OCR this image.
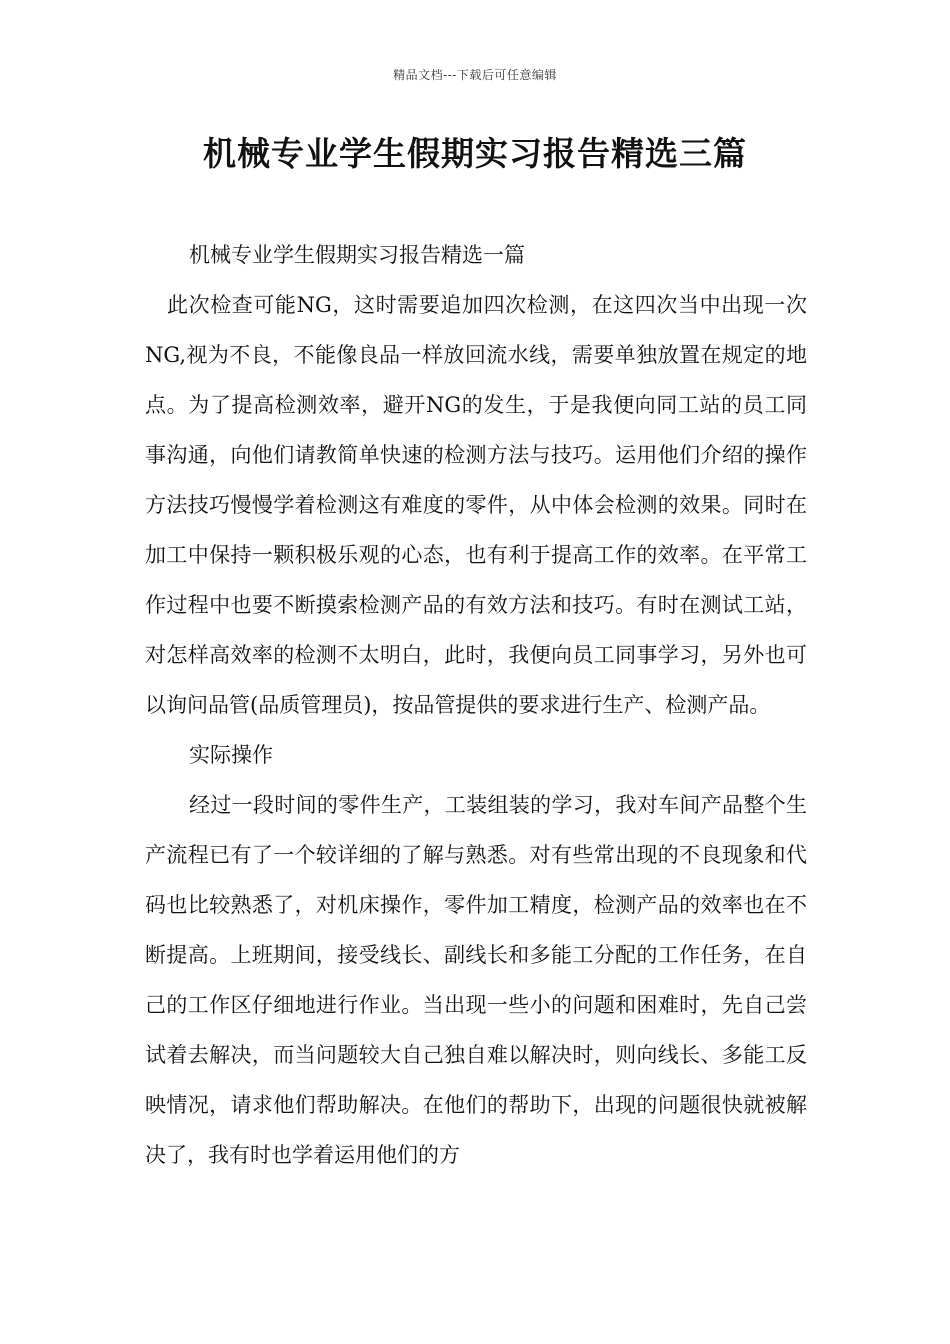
精品文档---下载后可任意编辑
机械专业学生假期实习报告精选三篇

机械专业学生假期实习报告精选一篇

此次检查可能NG，这时需要追加四次检测，在这四次当中出现一次NG,视为不良，不能像良品一样放回流水线，需要单独放置在规定的地点。为了提高检测效率，避开NG的发生，于是我便向同工站的员工同事沟通，向他们请教简单快速的检测方法与技巧。运用他们介绍的操作方法技巧慢慢学着检测这有难度的零件，从中体会检测的效果。同时在加工中保持一颗积极乐观的心态，也有利于提高工作的效率。在平常工作过程中也要不断摸索检测产品的有效方法和技巧。有时在测试工站，对怎样高效率的检测不太明白，此时，我便向员工同事学习，另外也可以询问品管(品质管理员)，按品管提供的要求进行生产、检测产品。

实际操作

经过一段时间的零件生产，工装组装的学习，我对车间产品整个生产流程已有了一个较详细的了解与熟悉。对有些常出现的不良现象和代码也比较熟悉了，对机床操作，零件加工精度，检测产品的效率也在不断提高。上班期间，接受线长、副线长和多能工分配的工作任务，在自己的工作区仔细地进行作业。当出现一些小的问题和困难时，先自己尝试着去解决，而当问题较大自己独自难以解决时，则向线长、多能工反映情况，请求他们帮助解决。在他们的帮助下，出现的问题很快就被解决了，我有时也学着运用他们的方
